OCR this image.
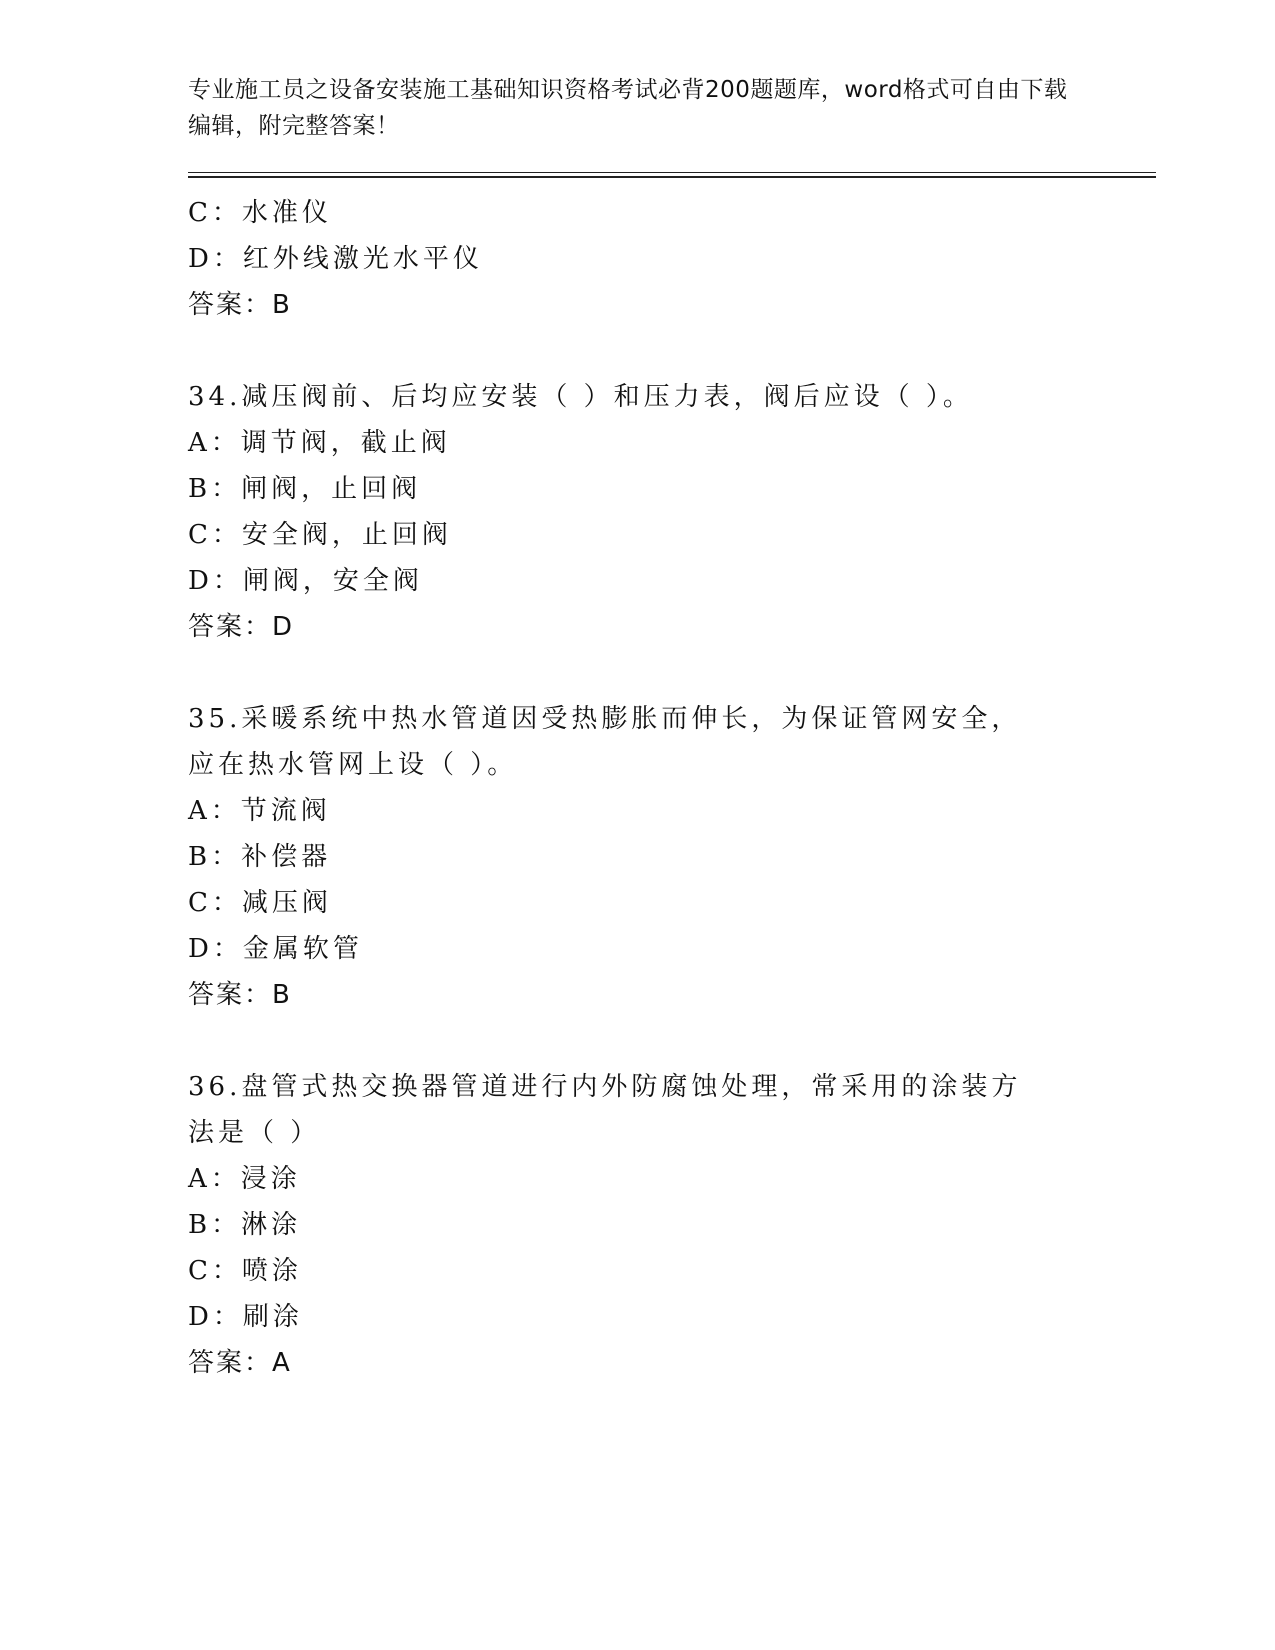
专业施工员之设备安装施工基础知识资格考试必背200题题库，word格式可自由下载编辑，附完整答案！
C：水准仪
D：红外线激光水平仪
答案：B
34.减压阀前、后均应安装（ ）和压力表，阀后应设（ ）。
A：调节阀，截止阀
B：闸阀，止回阀
C：安全阀，止回阀
D：闸阀，安全阀
答案：D
35.采暖系统中热水管道因受热膨胀而伸长，为保证管网安全，应在热水管网上设（ ）。
A：节流阀
B：补偿器
C：减压阀
D：金属软管
答案：B
36.盘管式热交换器管道进行内外防腐蚀处理，常采用的涂装方法是（ ）
A：浸涂
B：淋涂
C：喷涂
D：刷涂
答案：A
